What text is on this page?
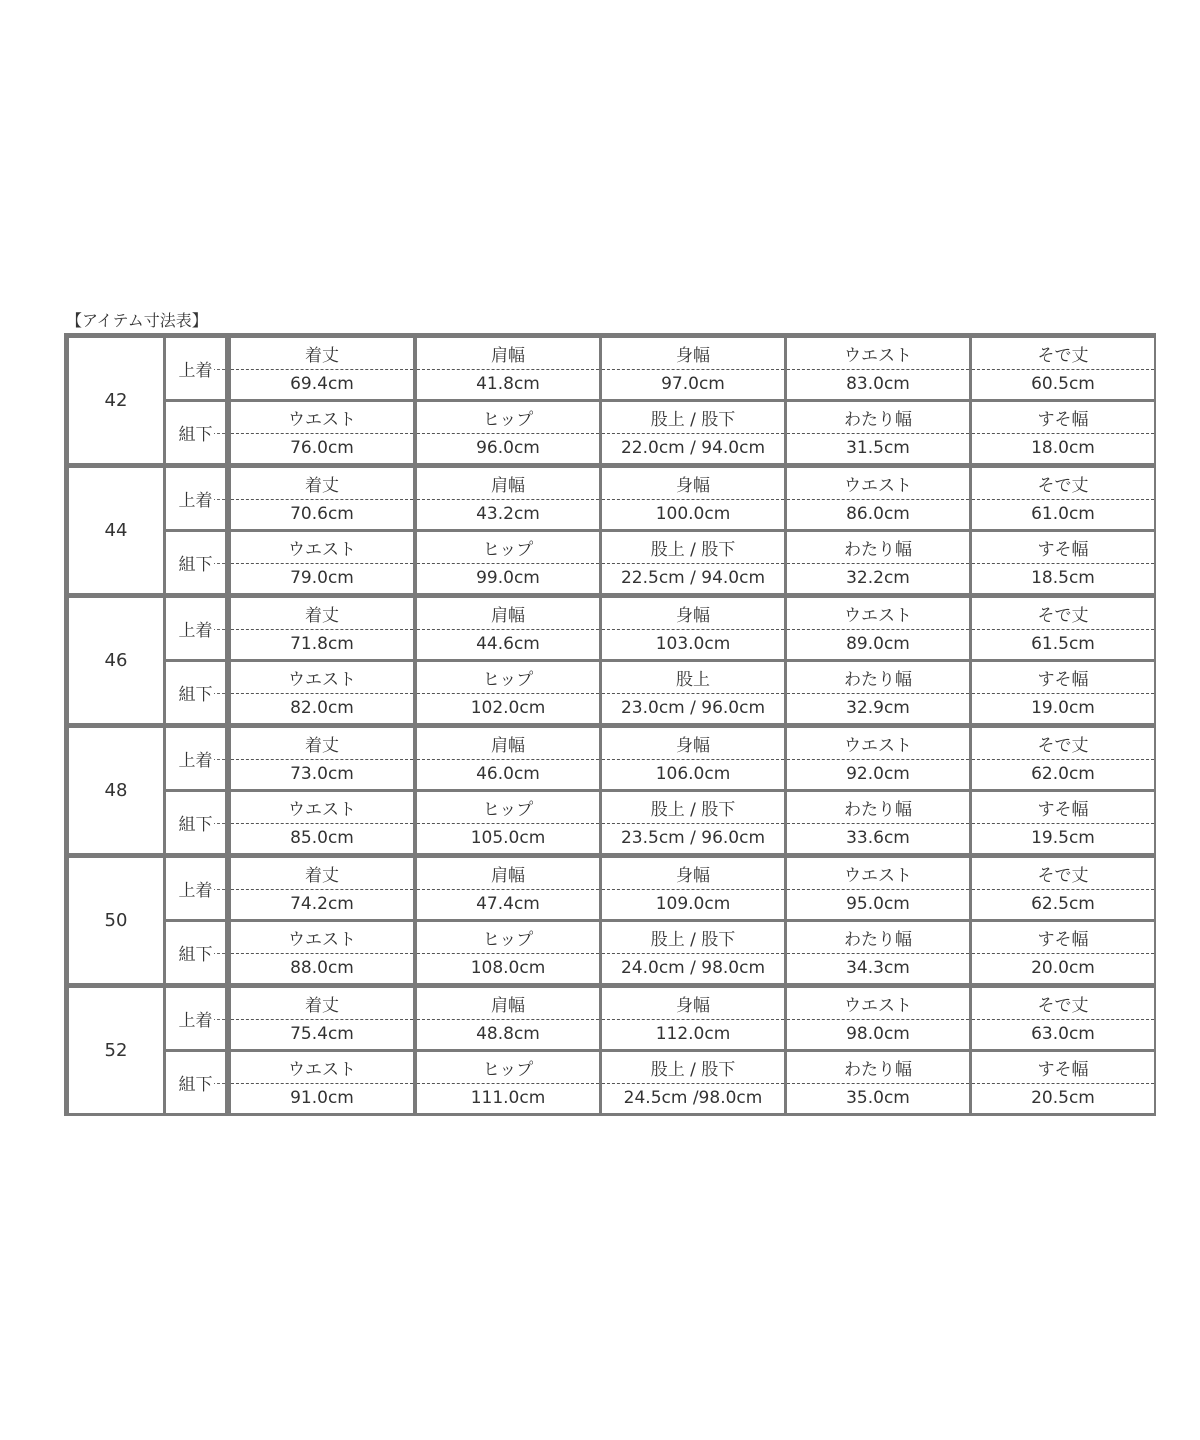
【アイテム寸法表】
42
上着
着丈
69.4cm
肩幅
41.8cm
身幅
97.0cm
ウエスト
83.0cm
そで丈
60.5cm
組下
ウエスト
76.0cm
ヒップ
96.0cm
股上 / 股下
22.0cm / 94.0cm
わたり幅
31.5cm
すそ幅
18.0cm
44
上着
着丈
70.6cm
肩幅
43.2cm
身幅
100.0cm
ウエスト
86.0cm
そで丈
61.0cm
組下
ウエスト
79.0cm
ヒップ
99.0cm
股上 / 股下
22.5cm / 94.0cm
わたり幅
32.2cm
すそ幅
18.5cm
46
上着
着丈
71.8cm
肩幅
44.6cm
身幅
103.0cm
ウエスト
89.0cm
そで丈
61.5cm
組下
ウエスト
82.0cm
ヒップ
102.0cm
股上
23.0cm / 96.0cm
わたり幅
32.9cm
すそ幅
19.0cm
48
上着
着丈
73.0cm
肩幅
46.0cm
身幅
106.0cm
ウエスト
92.0cm
そで丈
62.0cm
組下
ウエスト
85.0cm
ヒップ
105.0cm
股上 / 股下
23.5cm / 96.0cm
わたり幅
33.6cm
すそ幅
19.5cm
50
上着
着丈
74.2cm
肩幅
47.4cm
身幅
109.0cm
ウエスト
95.0cm
そで丈
62.5cm
組下
ウエスト
88.0cm
ヒップ
108.0cm
股上 / 股下
24.0cm / 98.0cm
わたり幅
34.3cm
すそ幅
20.0cm
52
上着
着丈
75.4cm
肩幅
48.8cm
身幅
112.0cm
ウエスト
98.0cm
そで丈
63.0cm
組下
ウエスト
91.0cm
ヒップ
111.0cm
股上 / 股下
24.5cm /98.0cm
わたり幅
35.0cm
すそ幅
20.5cm
